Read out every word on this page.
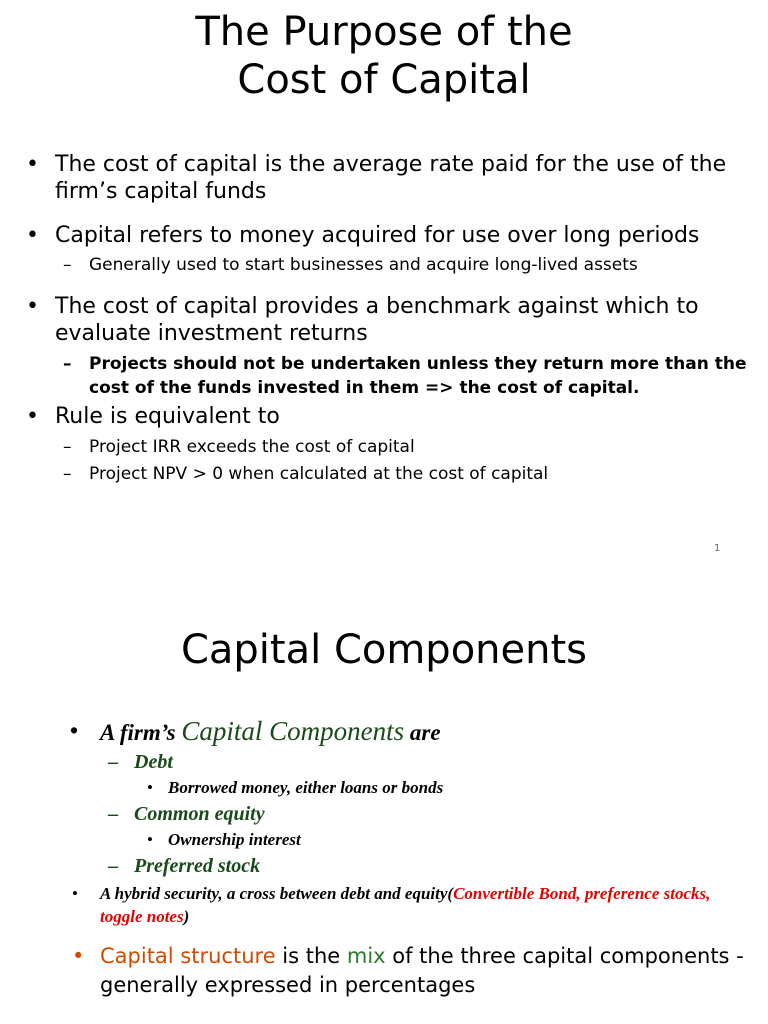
The Purpose of the
Cost of Capital
• The cost of capital is the average rate paid for the use of the firm’s capital funds
• Capital refers to money acquired for use over long periods
– Generally used to start businesses and acquire long-lived assets
• The cost of capital provides a benchmark against which to evaluate investment returns
– Projects should not be undertaken unless they return more than the cost of the funds invested in them => the cost of capital.
• Rule is equivalent to
– Project IRR exceeds the cost of capital
– Project NPV > 0 when calculated at the cost of capital
1
Capital Components
• A firm’s Capital Components are
– Debt
• Borrowed money, either loans or bonds
– Common equity
• Ownership interest
– Preferred stock
• A hybrid security, a cross between debt and equity(Convertible Bond, preference stocks, toggle notes)
• Capital structure is the mix of the three capital components - generally expressed in percentages
